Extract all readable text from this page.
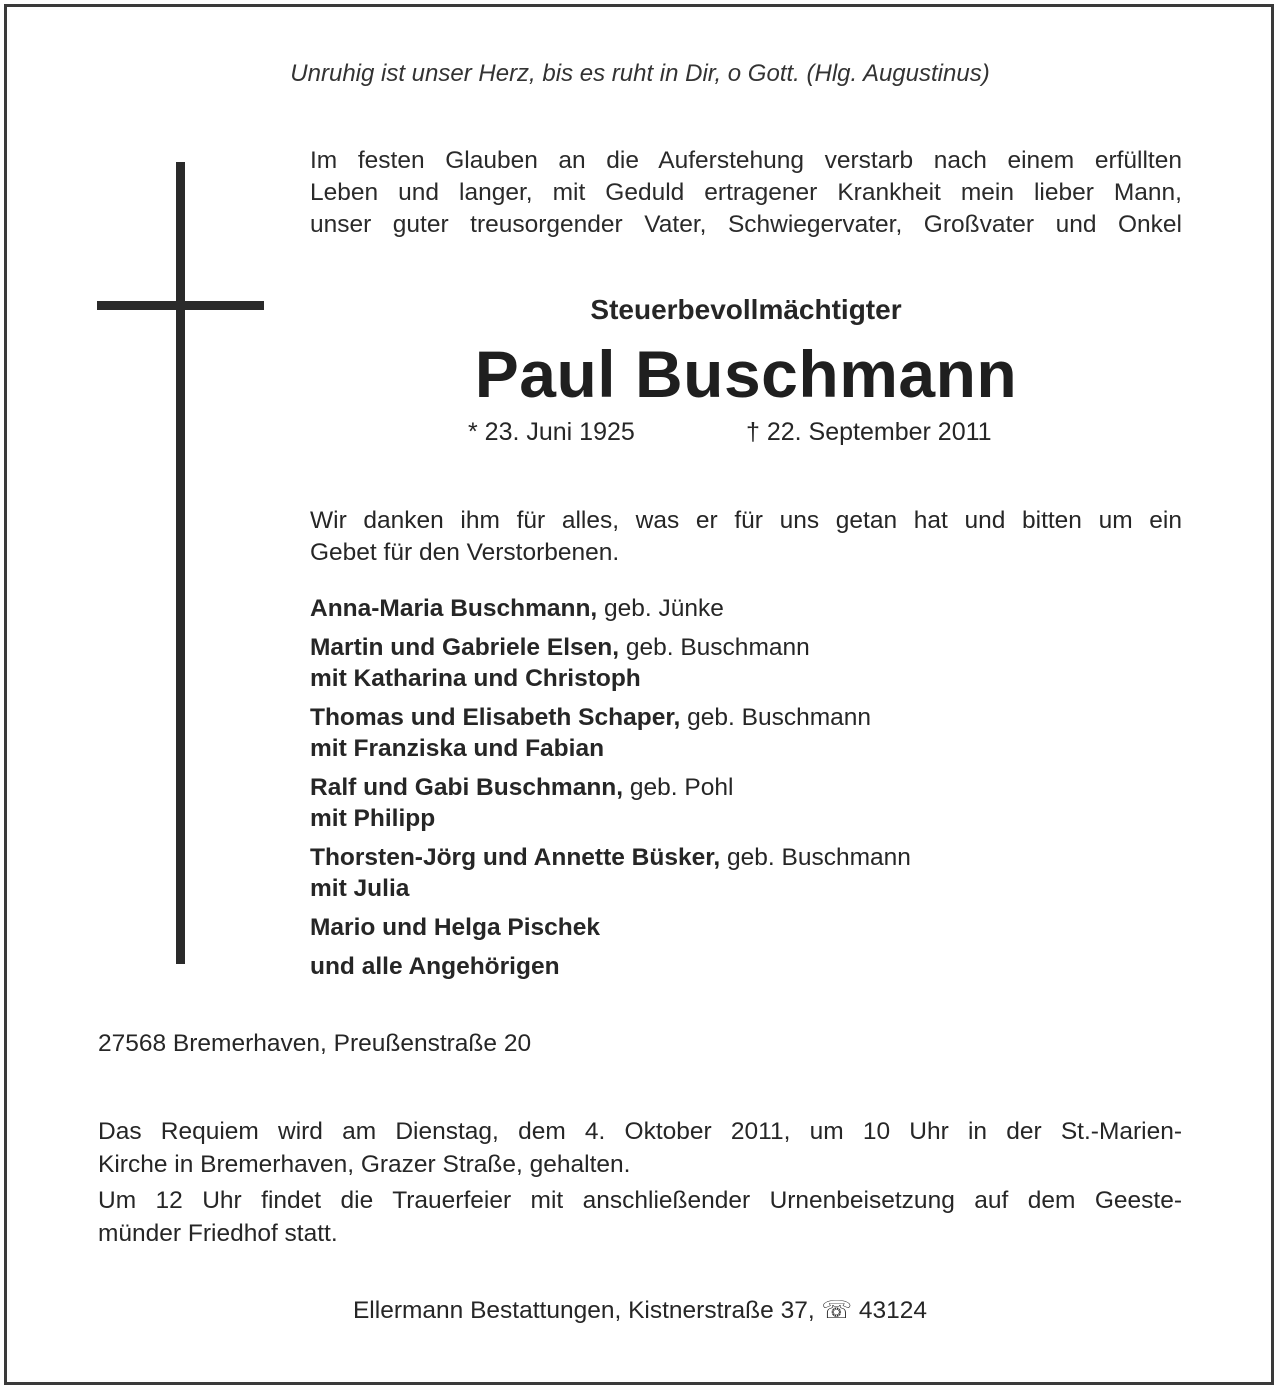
Unruhig ist unser Herz, bis es ruht in Dir, o Gott. (Hlg. Augustinus)
Im festen Glauben an die Auferstehung verstarb nach einem erfüllten
Leben und langer, mit Geduld ertragener Krankheit mein lieber Mann,
unser guter treusorgender Vater, Schwiegervater, Großvater und Onkel
Steuerbevollmächtigter
Paul Buschmann
* 23. Juni 1925	† 22. September 2011
Wir danken ihm für alles, was er für uns getan hat und bitten um ein
Gebet für den Verstorbenen.
Anna-Maria Buschmann, geb. Jünke
Martin und Gabriele Elsen, geb. Buschmann
mit Katharina und Christoph
Thomas und Elisabeth Schaper, geb. Buschmann
mit Franziska und Fabian
Ralf und Gabi Buschmann, geb. Pohl
mit Philipp
Thorsten-Jörg und Annette Büsker, geb. Buschmann
mit Julia
Mario und Helga Pischek
und alle Angehörigen
27568 Bremerhaven, Preußenstraße 20
Das Requiem wird am Dienstag, dem 4. Oktober 2011, um 10 Uhr in der St.-Marien-
Kirche in Bremerhaven, Grazer Straße, gehalten.
Um 12 Uhr findet die Trauerfeier mit anschließender Urnenbeisetzung auf dem Geeste-
münder Friedhof statt.
Ellermann Bestattungen, Kistnerstraße 37, ☏ 43124
